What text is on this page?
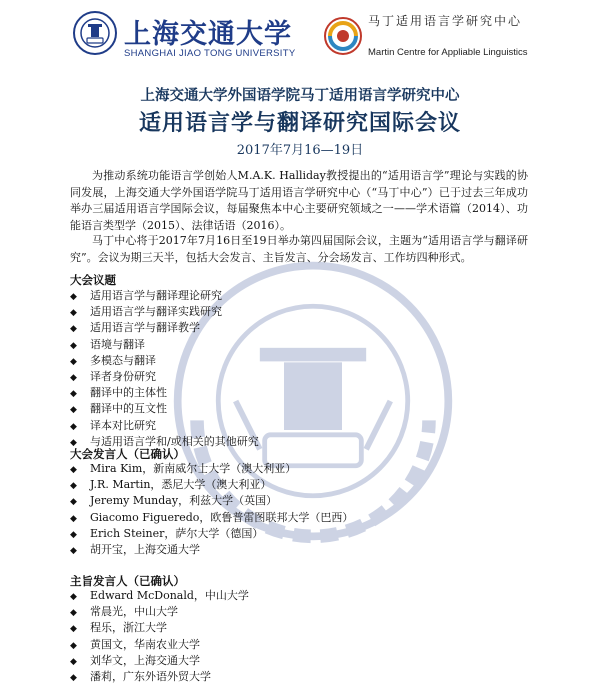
上海交通大学
SHANGHAI JIAO TONG UNIVERSITY
马丁适用语言学研究中心
Martin Centre for Appliable Linguistics
上海交通大学外国语学院马丁适用语言学研究中心
适用语言学与翻译研究国际会议
2017年7月16—19日

为推动系统功能语言学创始人M.A.K. Halliday教授提出的“适用语言学”理论与实践的协同发展，上海交通大学外国语学院马丁适用语言学研究中心（“马丁中心”）已于过去三年成功举办三届适用语言学国际会议，每届聚焦本中心主要研究领域之一——学术语篇（2014）、功能语言类型学（2015）、法律话语（2016）。

马丁中心将于2017年7月16日至19日举办第四届国际会议，主题为“适用语言学与翻译研究”。会议为期三天半，包括大会发言、主旨发言、分会场发言、工作坊四种形式。

大会议题
◆ 适用语言学与翻译理论研究
◆ 适用语言学与翻译实践研究
◆ 适用语言学与翻译教学
◆ 语境与翻译
◆ 多模态与翻译
◆ 译者身份研究
◆ 翻译中的主体性
◆ 翻译中的互文性
◆ 译本对比研究
◆ 与适用语言学和/或相关的其他研究
大会发言人（已确认）
◆ Mira Kim，新南威尔士大学（澳大利亚）
◆ J.R. Martin，悉尼大学（澳大利亚）
◆ Jeremy Munday，利兹大学（英国）
◆ Giacomo Figueredo，欧鲁普雷图联邦大学（巴西）
◆ Erich Steiner，萨尔大学（德国）
◆ 胡开宝，上海交通大学
主旨发言人（已确认）
◆ Edward McDonald，中山大学
◆ 常晨光，中山大学
◆ 程乐，浙江大学
◆ 黄国文，华南农业大学
◆ 刘华文，上海交通大学
◆ 潘莉，广东外语外贸大学
